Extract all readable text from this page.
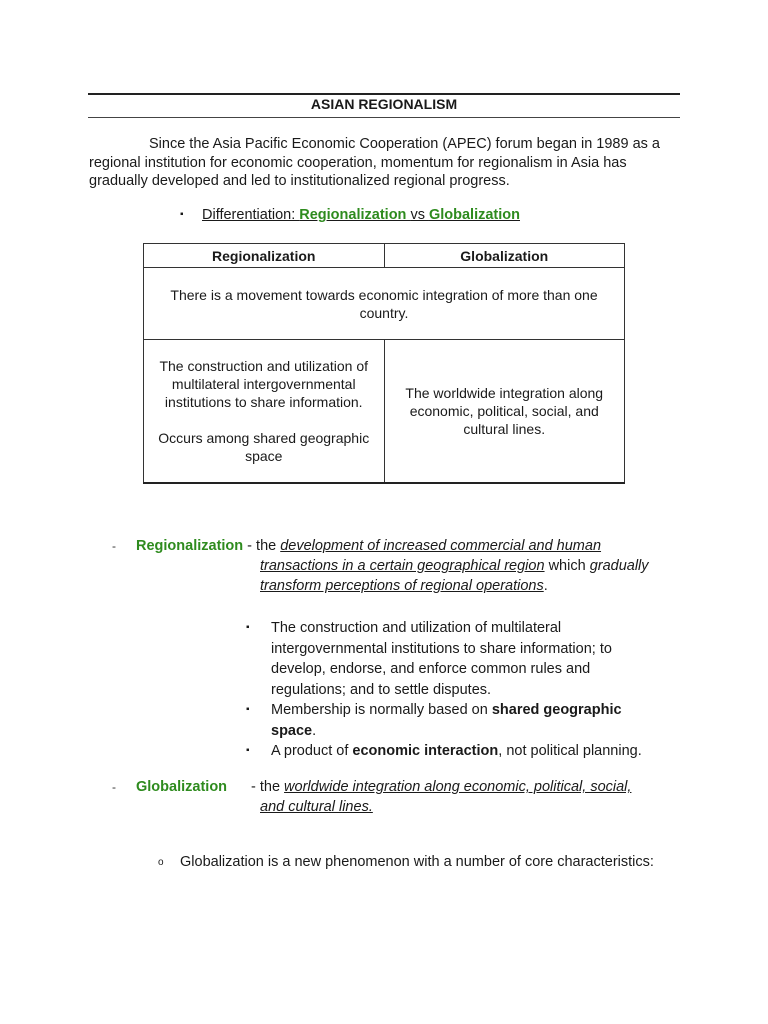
ASIAN REGIONALISM

Since the Asia Pacific Economic Cooperation (APEC) forum began in 1989 as a regional institution for economic cooperation, momentum for regionalism in Asia has gradually developed and led to institutionalized regional progress.

▪ Differentiation: Regionalization vs Globalization
Regionalization	Globalization
There is a movement towards economic integration of more than one country.	

The construction and utilization of multilateral intergovernmental institutions to share information.
Occurs among shared geographic space	The worldwide integration along economic, political, social, and cultural lines.
- Regionalization - the development of increased commercial and human
transactions in a certain geographical region which gradually
transform perceptions of regional operations.
▪ The construction and utilization of multilateral intergovernmental institutions to share information; to develop, endorse, and enforce common rules and regulations; and to settle disputes.
▪ Membership is normally based on shared geographic space.
▪ A product of economic interaction, not political planning.
- Globalization - the worldwide integration along economic, political, social,
and cultural lines.
o Globalization is a new phenomenon with a number of core characteristics:
